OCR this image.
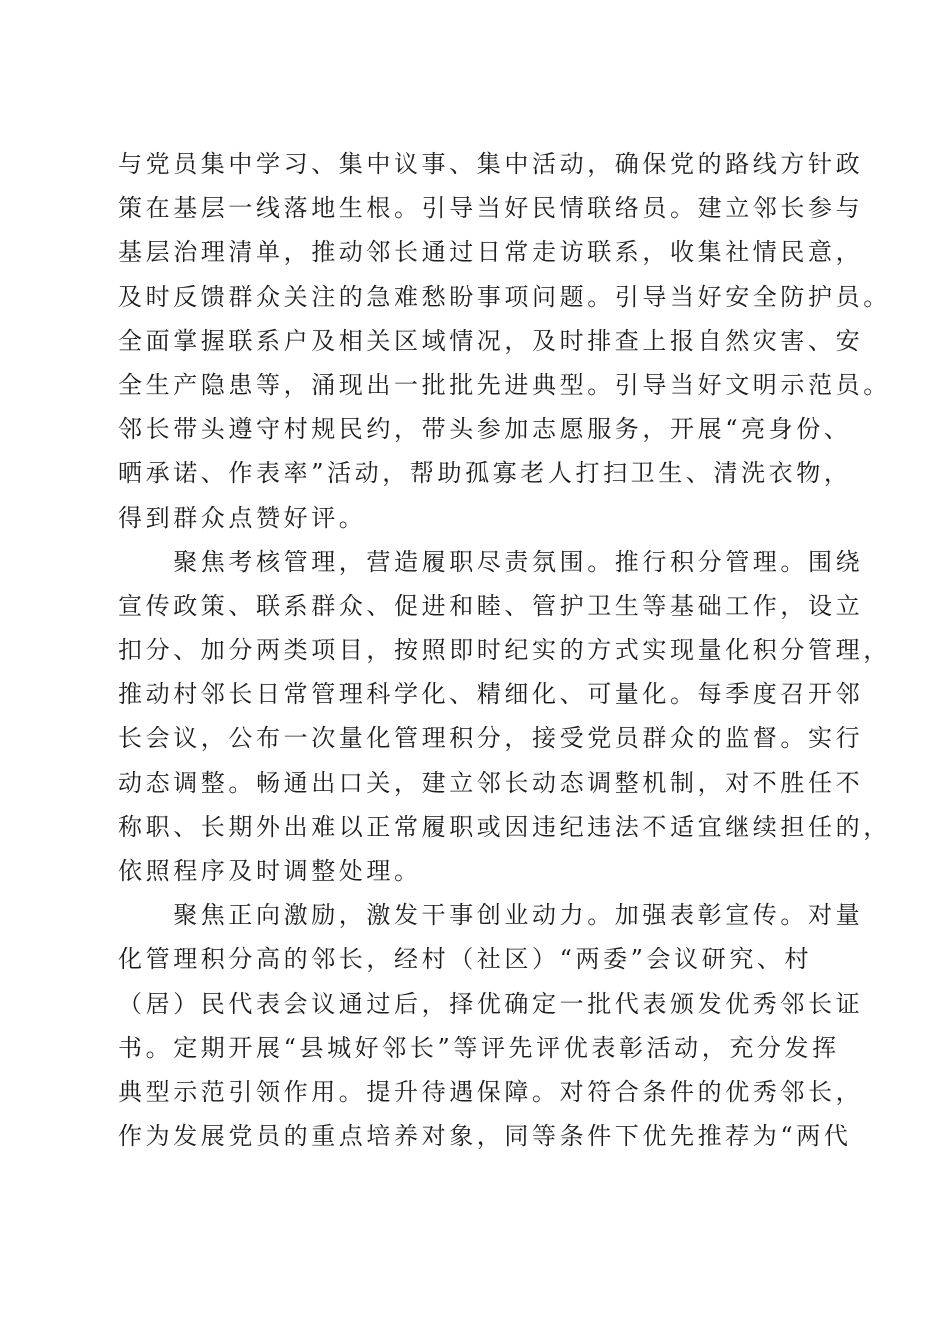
与党员集中学习、集中议事、集中活动，确保党的路线方针政
策在基层一线落地生根。引导当好民情联络员。建立邻长参与
基层治理清单，推动邻长通过日常走访联系，收集社情民意，
及时反馈群众关注的急难愁盼事项问题。引导当好安全防护员。
全面掌握联系户及相关区域情况，及时排查上报自然灾害、安
全生产隐患等，涌现出一批批先进典型。引导当好文明示范员。
邻长带头遵守村规民约，带头参加志愿服务，开展“亮身份、
晒承诺、作表率”活动，帮助孤寡老人打扫卫生、清洗衣物，
得到群众点赞好评。
　　聚焦考核管理，营造履职尽责氛围。推行积分管理。围绕
宣传政策、联系群众、促进和睦、管护卫生等基础工作，设立
扣分、加分两类项目，按照即时纪实的方式实现量化积分管理，
推动村邻长日常管理科学化、精细化、可量化。每季度召开邻
长会议，公布一次量化管理积分，接受党员群众的监督。实行
动态调整。畅通出口关，建立邻长动态调整机制，对不胜任不
称职、长期外出难以正常履职或因违纪违法不适宜继续担任的，
依照程序及时调整处理。
　　聚焦正向激励，激发干事创业动力。加强表彰宣传。对量
化管理积分高的邻长，经村（社区）“两委”会议研究、村
（居）民代表会议通过后，择优确定一批代表颁发优秀邻长证
书。定期开展“县城好邻长”等评先评优表彰活动，充分发挥
典型示范引领作用。提升待遇保障。对符合条件的优秀邻长，
作为发展党员的重点培养对象，同等条件下优先推荐为“两代
